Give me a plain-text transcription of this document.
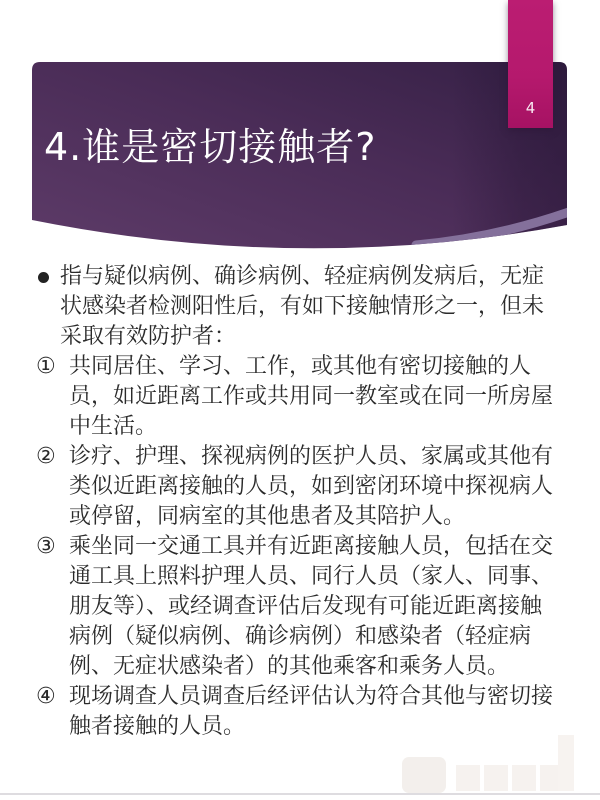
4.谁是密切接触者?
4
指与疑似病例、确诊病例、轻症病例发病后，无症状感染者检测阳性后，有如下接触情形之一，但未采取有效防护者：
① 共同居住、学习、工作，或其他有密切接触的人员，如近距离工作或共用同一教室或在同一所房屋中生活。
② 诊疗、护理、探视病例的医护人员、家属或其他有类似近距离接触的人员，如到密闭环境中探视病人或停留，同病室的其他患者及其陪护人。
③ 乘坐同一交通工具并有近距离接触人员，包括在交通工具上照料护理人员、同行人员（家人、同事、朋友等）、或经调查评估后发现有可能近距离接触病例（疑似病例、确诊病例）和感染者（轻症病例、无症状感染者）的其他乘客和乘务人员。
④ 现场调查人员调查后经评估认为符合其他与密切接触者接触的人员。
